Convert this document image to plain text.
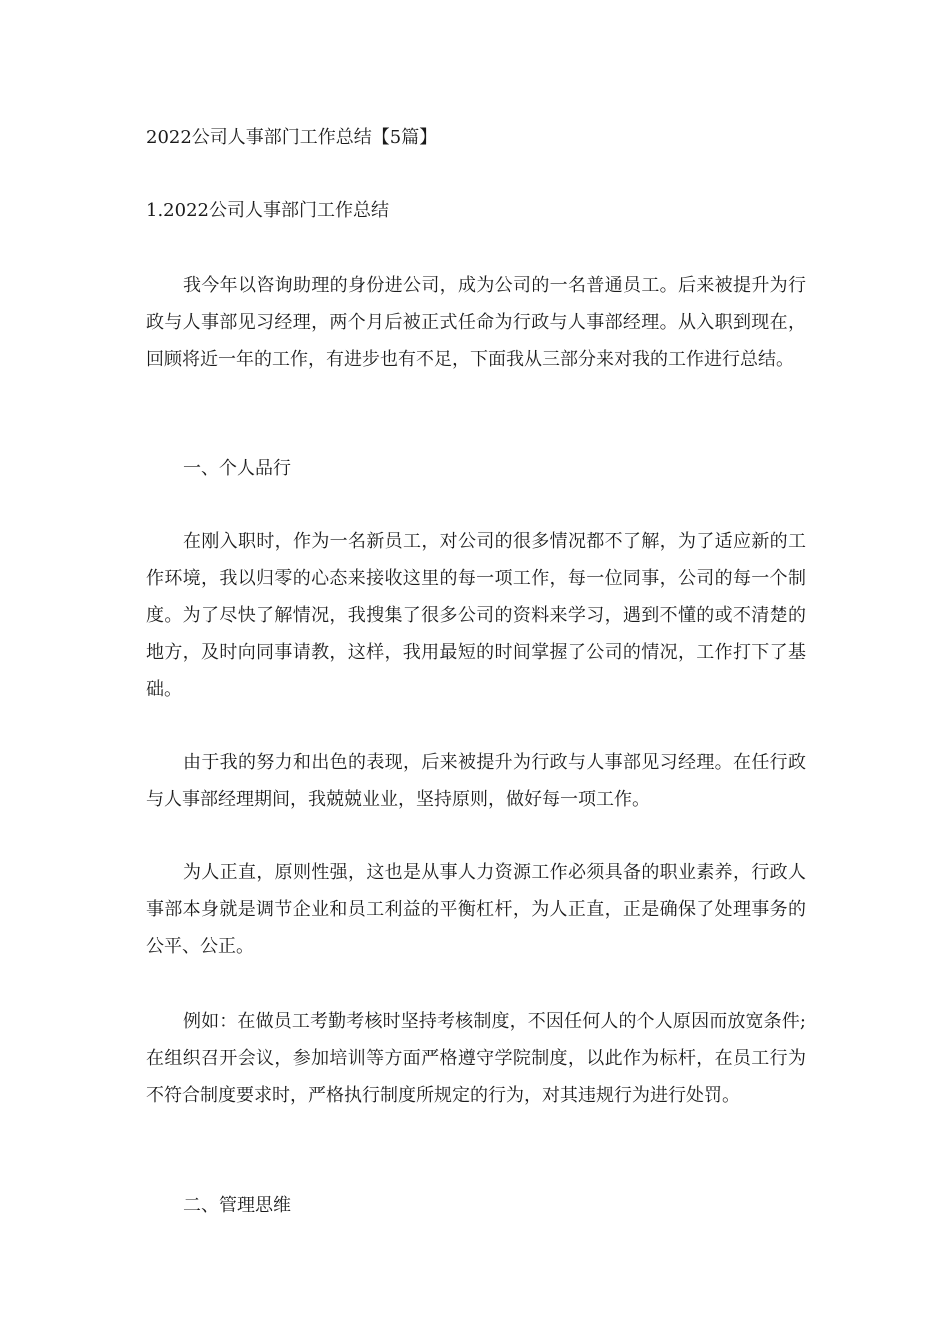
2022公司人事部门工作总结【5篇】
1.2022公司人事部门工作总结

我今年以咨询助理的身份进公司，成为公司的一名普通员工。后来被提升为行政与人事部见习经理，两个月后被正式任命为行政与人事部经理。从入职到现在，回顾将近一年的工作，有进步也有不足，下面我从三部分来对我的工作进行总结。

一、个人品行

在刚入职时，作为一名新员工，对公司的很多情况都不了解，为了适应新的工作环境，我以归零的心态来接收这里的每一项工作，每一位同事，公司的每一个制度。为了尽快了解情况，我搜集了很多公司的资料来学习，遇到不懂的或不清楚的地方，及时向同事请教，这样，我用最短的时间掌握了公司的情况，工作打下了基础。

由于我的努力和出色的表现，后来被提升为行政与人事部见习经理。在任行政与人事部经理期间，我兢兢业业，坚持原则，做好每一项工作。

为人正直，原则性强，这也是从事人力资源工作必须具备的职业素养，行政人事部本身就是调节企业和员工利益的平衡杠杆，为人正直，正是确保了处理事务的公平、公正。

例如：在做员工考勤考核时坚持考核制度，不因任何人的个人原因而放宽条件;在组织召开会议，参加培训等方面严格遵守学院制度，以此作为标杆，在员工行为不符合制度要求时，严格执行制度所规定的行为，对其违规行为进行处罚。

二、管理思维
